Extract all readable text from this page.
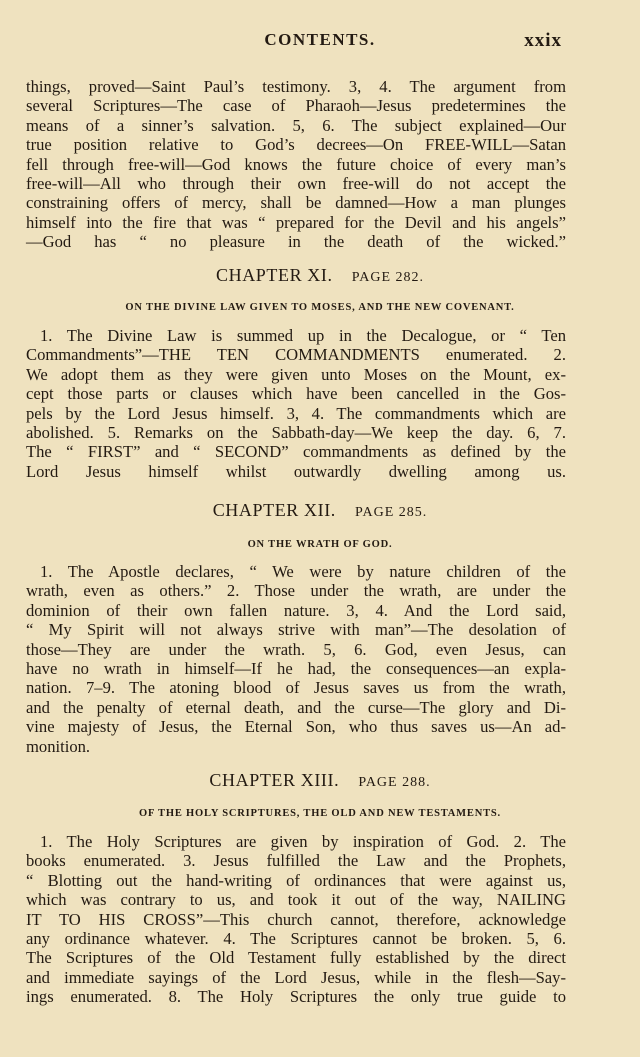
CONTENTS.	xxix

things, proved—Saint Paul’s testimony. 3, 4. The argument from

several Scriptures—The case of Pharaoh—Jesus predetermines the

means of a sinner’s salvation. 5, 6. The subject explained—Our

true position relative to God’s decrees—On FREE-WILL—Satan

fell through free-will—God knows the future choice of every man’s

free-will—All who through their own free-will do not accept the

constraining offers of mercy, shall be damned—How a man plunges

himself into the fire that was “ prepared for the Devil and his angels”

—God has “ no pleasure in the death of the wicked.”

CHAPTER XI. PAGE 282.
ON THE DIVINE LAW GIVEN TO MOSES, AND THE NEW COVENANT.

1. The Divine Law is summed up in the Decalogue, or “ Ten

Commandments”—THE TEN COMMANDMENTS enumerated. 2.

We adopt them as they were given unto Moses on the Mount, ex-

cept those parts or clauses which have been cancelled in the Gos-

pels by the Lord Jesus himself. 3, 4. The commandments which are

abolished. 5. Remarks on the Sabbath-day—We keep the day. 6, 7.

The “ FIRST” and “ SECOND” commandments as defined by the

Lord Jesus himself whilst outwardly dwelling among us.

CHAPTER XII. PAGE 285.
ON THE WRATH OF GOD.

1. The Apostle declares, “ We were by nature children of the

wrath, even as others.” 2. Those under the wrath, are under the

dominion of their own fallen nature. 3, 4. And the Lord said,

“ My Spirit will not always strive with man”—The desolation of

those—They are under the wrath. 5, 6. God, even Jesus, can

have no wrath in himself—If he had, the consequences—an expla-

nation. 7–9. The atoning blood of Jesus saves us from the wrath,

and the penalty of eternal death, and the curse—The glory and Di-

vine majesty of Jesus, the Eternal Son, who thus saves us—An ad-

monition.

CHAPTER XIII. PAGE 288.
OF THE HOLY SCRIPTURES, THE OLD AND NEW TESTAMENTS.

1. The Holy Scriptures are given by inspiration of God. 2. The

books enumerated. 3. Jesus fulfilled the Law and the Prophets,

“ Blotting out the hand-writing of ordinances that were against us,

which was contrary to us, and took it out of the way, NAILING

IT TO HIS CROSS”—This church cannot, therefore, acknowledge

any ordinance whatever. 4. The Scriptures cannot be broken. 5, 6.

The Scriptures of the Old Testament fully established by the direct

and immediate sayings of the Lord Jesus, while in the flesh—Say-

ings enumerated. 8. The Holy Scriptures the only true guide to
